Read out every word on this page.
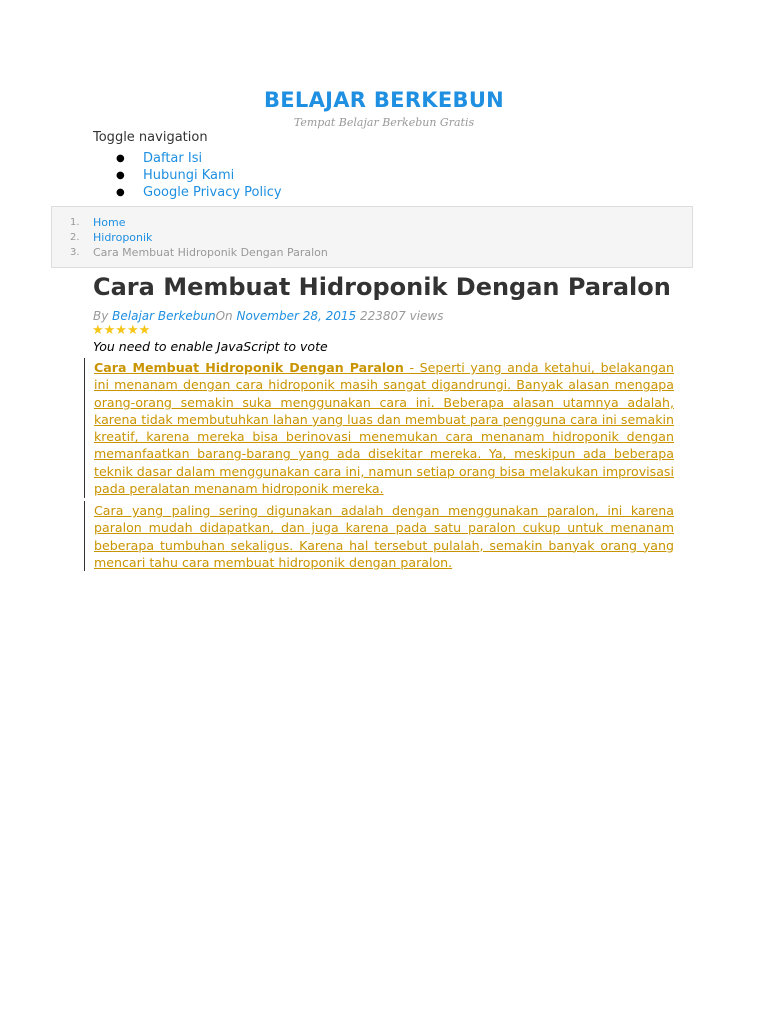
BELAJAR BERKEBUN
Tempat Belajar Berkebun Gratis
Toggle navigation
● Daftar Isi
● Hubungi Kami
● Google Privacy Policy
1. Home
2. Hidroponik
3. Cara Membuat Hidroponik Dengan Paralon
Cara Membuat Hidroponik Dengan Paralon
By Belajar BerkebunOn November 28, 2015 223807 views
★★★★★
You need to enable JavaScript to vote

Cara Membuat Hidroponik Dengan Paralon - Seperti yang anda ketahui, belakangan ini menanam dengan cara hidroponik masih sangat digandrungi. Banyak alasan mengapa orang-orang semakin suka menggunakan cara ini. Beberapa alasan utamnya adalah, karena tidak membutuhkan lahan yang luas dan membuat para pengguna cara ini semakin kreatif, karena mereka bisa berinovasi menemukan cara menanam hidroponik dengan memanfaatkan barang-barang yang ada disekitar mereka. Ya, meskipun ada beberapa teknik dasar dalam menggunakan cara ini, namun setiap orang bisa melakukan improvisasi pada peralatan menanam hidroponik mereka.

Cara yang paling sering digunakan adalah dengan menggunakan paralon, ini karena paralon mudah didapatkan, dan juga karena pada satu paralon cukup untuk menanam beberapa tumbuhan sekaligus. Karena hal tersebut pulalah, semakin banyak orang yang mencari tahu cara membuat hidroponik dengan paralon.
